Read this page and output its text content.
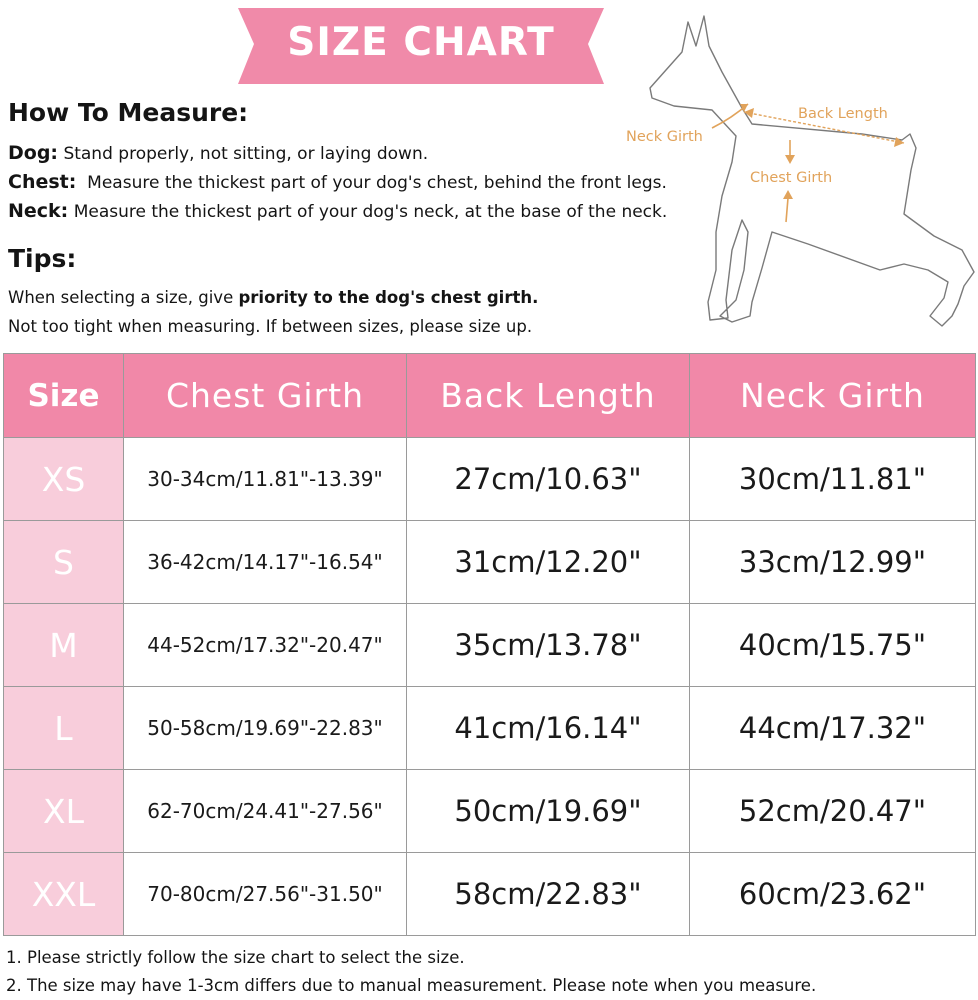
SIZE CHART
How To Measure:
Dog: Stand properly, not sitting, or laying down.
Chest: Measure the thickest part of your dog's chest, behind the front legs.
Neck: Measure the thickest part of your dog's neck, at the base of the neck.
Tips:
When selecting a size, give priority to the dog's chest girth.
Not too tight when measuring. If between sizes, please size up.
Neck Girth
Back Length
Chest Girth
Size	Chest Girth	Back Length	Neck Girth
XS	30-34cm/11.81"-13.39"	27cm/10.63"	30cm/11.81"
S	36-42cm/14.17"-16.54"	31cm/12.20"	33cm/12.99"
M	44-52cm/17.32"-20.47"	35cm/13.78"	40cm/15.75"
L	50-58cm/19.69"-22.83"	41cm/16.14"	44cm/17.32"
XL	62-70cm/24.41"-27.56"	50cm/19.69"	52cm/20.47"
XXL	70-80cm/27.56"-31.50"	58cm/22.83"	60cm/23.62"
1. Please strictly follow the size chart to select the size.
2. The size may have 1-3cm differs due to manual measurement. Please note when you measure.
